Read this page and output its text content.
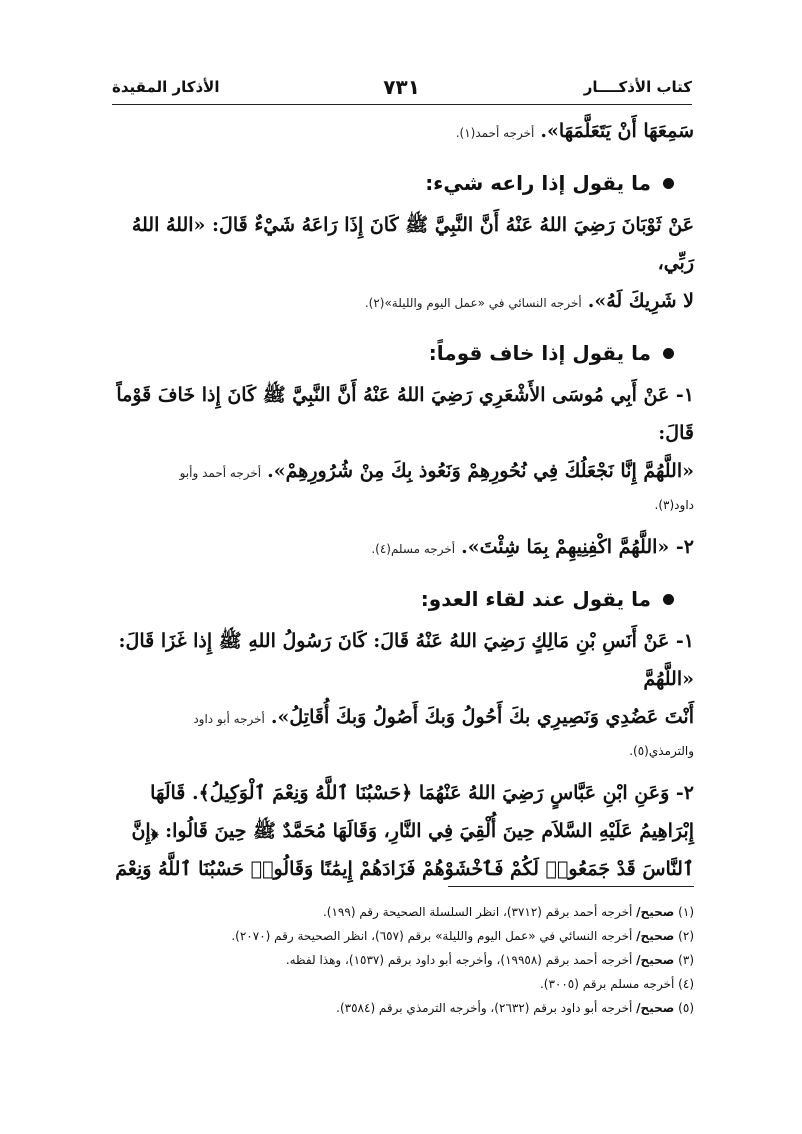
كتاب الأذكــــار
٧٣١
الأذكار المقيدة

سَمِعَهَا أَنْ يَتَعَلَّمَهَا». أخرجه أحمد(١).

ما يقول إذا راعه شيء:

عَنْ ثَوْبَانَ رَضِيَ اللهُ عَنْهُ أَنَّ النَّبِيَّ ﷺ كَانَ إِذَا رَاعَهُ شَيْءٌ قَالَ: «اللهُ اللهُ رَبِّي،

لا شَرِيكَ لَهُ». أخرجه النسائي في «عمل اليوم والليلة»(٢).

ما يقول إذا خاف قوماً:

١- عَنْ أَبِي مُوسَى الأَشْعَرِي رَضِيَ اللهُ عَنْهُ أَنَّ النَّبِيَّ ﷺ كَانَ إِذا خَافَ قَوْماً قَالَ:

«اللَّهُمَّ إِنَّا نَجْعَلُكَ فِي نُحُورِهِمْ وَنَعُوذ بِكَ مِنْ شُرُورِهِمْ». أخرجه أحمد وأبو

داود(٣).

٢- «اللَّهُمَّ اكْفِنِيهِمْ بِمَا شِئْتَ». أخرجه مسلم(٤).

ما يقول عند لقاء العدو:

١- عَنْ أَنَسِ بْنِ مَالِكٍ رَضِيَ اللهُ عَنْهُ قَالَ: كَانَ رَسُولُ اللهِ ﷺ إِذا غَزَا قَالَ: «اللَّهُمَّ

أَنْتَ عَضُدِي وَنَصِيرِي بكَ أَحُولُ وَبكَ أَصُولُ وَبكَ أُقَاتِلُ». أخرجه أبو داود

والترمذي(٥).

٢- وَعَنِ ابْنِ عَبَّاسٍ رَضِيَ اللهُ عَنْهُمَا ﴿حَسْبُنَا ٱللَّهُ وَنِعْمَ ٱلْوَكِيلُ﴾. قَالَهَا

إِبْرَاهِيمُ عَلَيْهِ السَّلاَم حِينَ أُلْقِيَ فِي النَّارِ، وَقَالَهَا مُحَمَّدٌ ﷺ حِينَ قَالُوا: ﴿إِنَّ

ٱلنَّاسَ قَدْ جَمَعُوا۟ لَكُمْ فَٱخْشَوْهُمْ فَزَادَهُمْ إِيمَٰنًا وَقَالُوا۟ حَسْبُنَا ٱللَّهُ وَنِعْمَ

(١) صحيح/ أخرجه أحمد برقم (٣٧١٢)، انظر السلسلة الصحيحة رقم (١٩٩).

(٢) صحيح/ أخرجه النسائي في «عمل اليوم والليلة» برقم (٦٥٧)، انظر الصحيحة رقم (٢٠٧٠).

(٣) صحيح/ أخرجه أحمد برقم (١٩٩٥٨)، وأخرجه أبو داود برقم (١٥٣٧)، وهذا لفظه.

(٤) أخرجه مسلم برقم (٣٠٠٥).

(٥) صحيح/ أخرجه أبو داود برقم (٢٦٣٢)، وأخرجه الترمذي برقم (٣٥٨٤).
